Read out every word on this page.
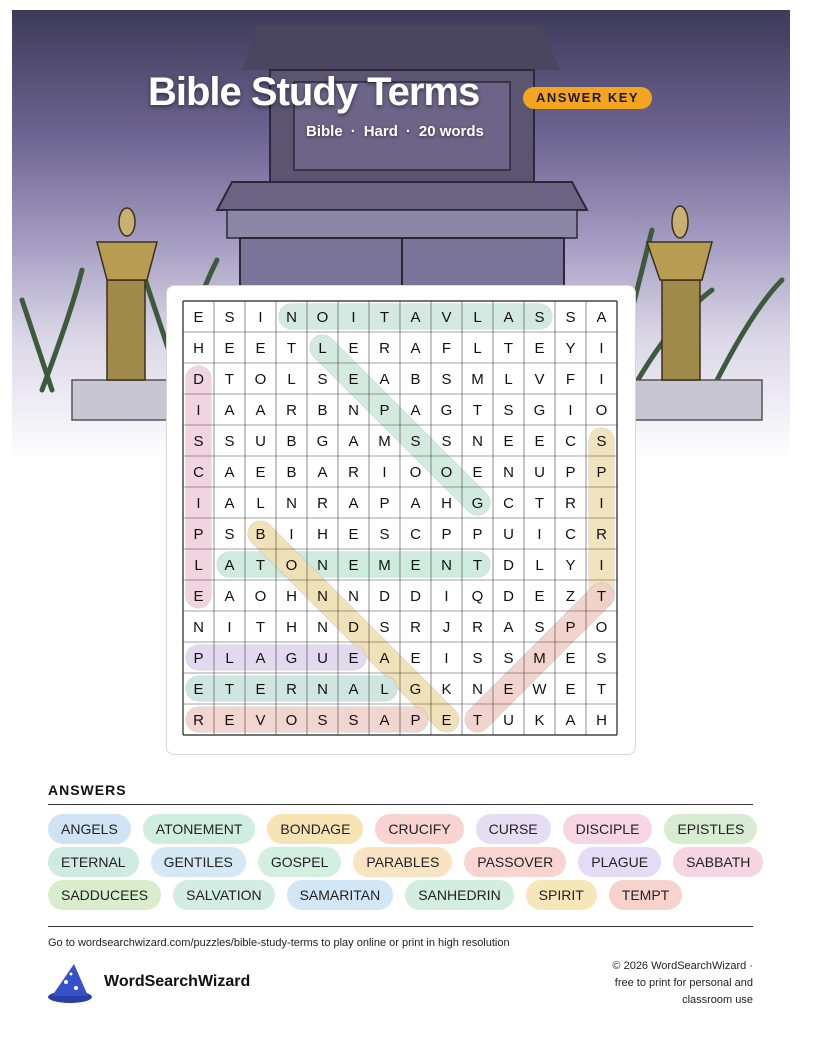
Bible Study Terms	ANSWER KEY
Bible · Hard · 20 words
E S I N O I T A V L A S S A
H E E T L E R A F L T E Y I
D T O L S E A B S M L V F I
I A A R B N P A G T S G I O
S S U B G A M S S N E E C S
C A E B A R I O O E N U P P
I A L N R A P A H G C T R I
P S B I H E S C P P U I C R
L A T O N E M E N T D L Y I
E A O H N N D D I Q D E Z T
N I T H N D S R J R A S P O
P L A G U E A E I S S M E S
E T E R N A L G K N E W E T
R E V O S S A P E T U K A H
ANSWERS
ANGELS	ATONEMENT	BONDAGE	CRUCIFY	CURSE	DISCIPLE	EPISTLES
ETERNAL	GENTILES	GOSPEL	PARABLES	PASSOVER	PLAGUE	SABBATH
SADDUCEES	SALVATION	SAMARITAN	SANHEDRIN	SPIRIT	TEMPT
Go to wordsearchwizard.com/puzzles/bible-study-terms to play online or print in high resolution
WordSearchWizard
© 2026 WordSearchWizard ·
free to print for personal and
classroom use
